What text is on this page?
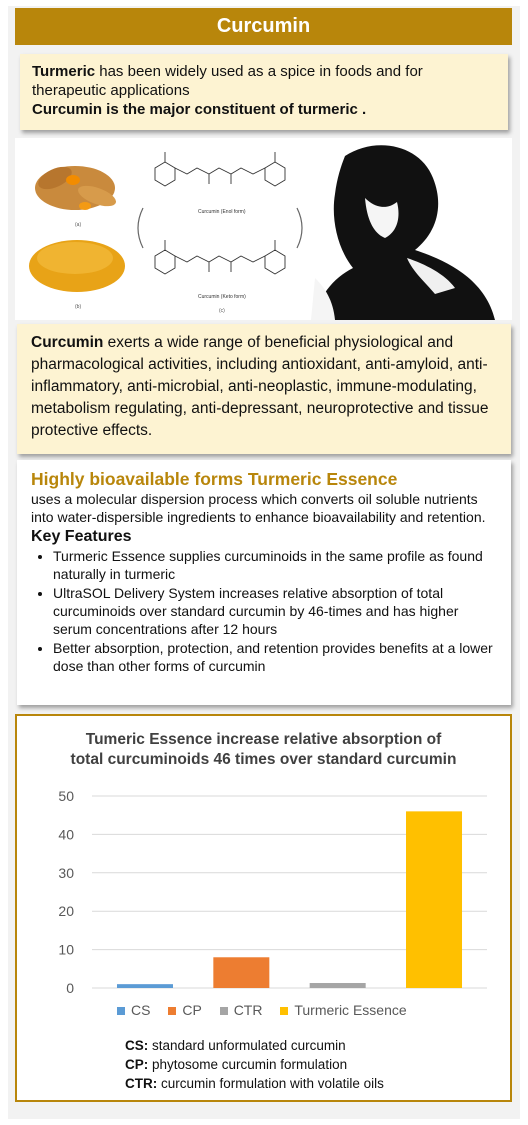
Curcumin
Turmeric has been widely used as a spice in foods and for therapeutic applications
Curcumin is the major constituent of turmeric .
(a)
(b)
Curcumin (Enol form)
Curcumin (Keto form)
(c)
Curcumin exerts a wide range of beneficial physiological and pharmacological activities, including antioxidant, anti-amyloid, anti-inflammatory, anti-microbial, anti-neoplastic, immune-modulating, metabolism regulating, anti-depressant, neuroprotective and tissue protective effects.
Highly bioavailable forms Turmeric Essence
uses a molecular dispersion process which converts oil soluble nutrients into water-dispersible ingredients to enhance bioavailability and retention.
Key Features
• Turmeric Essence supplies curcuminoids in the same profile as found naturally in turmeric
• UltraSOL Delivery System increases relative absorption of total curcuminoids over standard curcumin by 46-times and has higher serum concentrations after 12 hours
• Better absorption, protection, and retention provides benefits at a lower dose than other forms of curcumin
Tumeric Essence increase relative absorption of
total curcuminoids 46 times over standard curcumin
0
10
20
30
40
50
CS CP CTR Turmeric Essence
CS: standard unformulated curcumin
CP: phytosome curcumin formulation
CTR: curcumin formulation with volatile oils
